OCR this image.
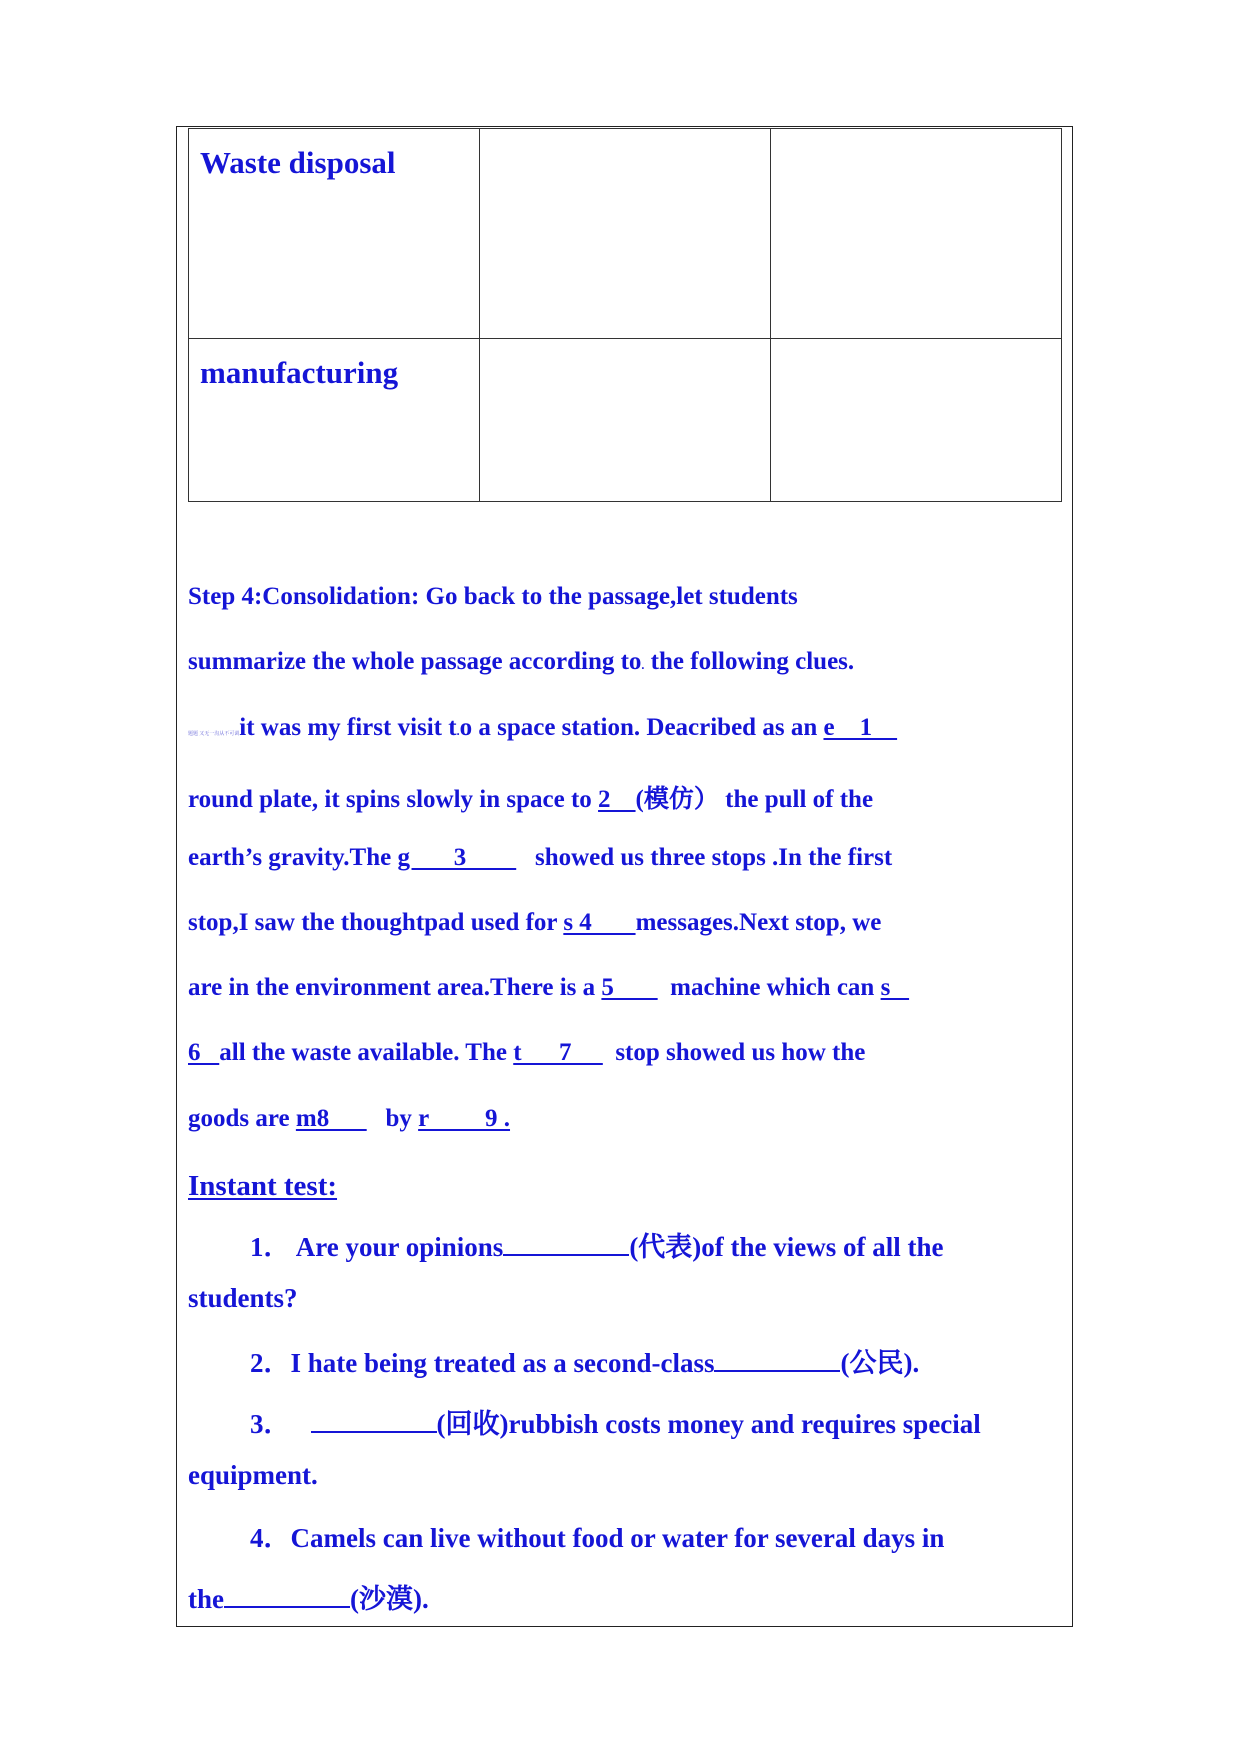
Waste disposal		

manufacturing		

Step 4:Consolidation: Go back to the passage,let students
summarize the whole passage according to. the following clues.
题题 又无一沟从不可调it was my first visit t.o a space station. Deacribed as an e    1
round plate, it spins slowly in space to 2    (模仿） the pull of the
earth’s gravity.The g       3           showed us three stops .In the first
stop,I saw the thoughtpad used for s 4       messages.Next stop, we
are in the environment area.There is a 5         machine which can s
6   all the waste available. The t      7       stop showed us how the
goods are m8         by r         9 .
Instant test:
1． Are your opinions	(代表)of the views of all the
students?
2．I hate being treated as a second-class	(公民).
3．	(回收)rubbish costs money and requires special
equipment.
4．Camels can live without food or water for several days in
the	(沙漠).
